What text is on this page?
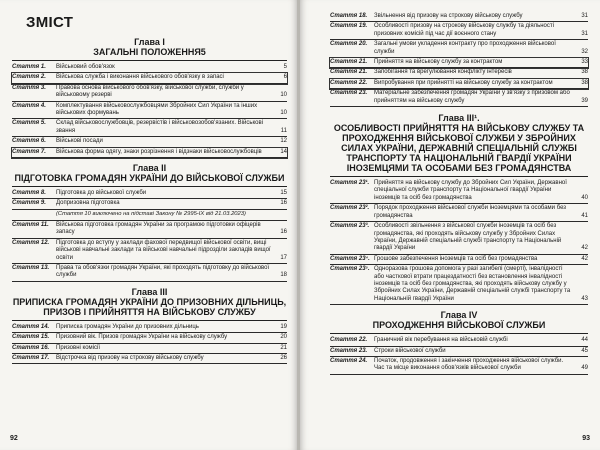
ЗМІСТ
Глава I
ЗАГАЛЬНІ ПОЛОЖЕННЯ5
Стаття 1.	Військовий обов'язок	5
Стаття 2.	Військова служба і виконання військового обов'язку в запасі	6
Стаття 3.	Правова основа військового обов'язку, військової служби, служби у військовому резерві	10
Стаття 4.	Комплектування військовослужбовцями Збройних Сил України та інших військових формувань	10
Стаття 5.	Склад військовослужбовців, резервістів і військовозобов'язаних. Військові звання	11
Стаття 6.	Військові посади	12
Стаття 7.	Військова форма одягу, знаки розрізнення і відзнаки військовослужбовців	14
Глава II
ПІДГОТОВКА ГРОМАДЯН УКРАЇНИ ДО ВІЙСЬКОВОЇ СЛУЖБИ
Стаття 8.	Підготовка до військової служби	15
Стаття 9.	Допризовна підготовка	16
(Стаття 10 виключено на підставі Закону № 2995-IX від 21.03.2023)
Стаття 11.	Військова підготовка громадян України за програмою підготовки офіцерів запасу	16
Стаття 12.	Підготовка до вступу у заклади фахової передвищої військової освіти, вищі військові навчальні заклади та військові навчальні підрозділи закладів вищої освіти	17
Стаття 13.	Права та обов'язки громадян України, які проходять підготовку до військової служби	18
Глава III
ПРИПИСКА ГРОМАДЯН УКРАЇНИ ДО ПРИЗОВНИХ ДІЛЬНИЦЬ, ПРИЗОВ І ПРИЙНЯТТЯ НА ВІЙСЬКОВУ СЛУЖБУ
Стаття 14.	Приписка громадян України до призовних дільниць	19
Стаття 15.	Призовний вік. Призов громадян України на військову службу	20
Стаття 16.	Призовні комісії	21
Стаття 17.	Відстрочка від призову на строкову військову службу	26
92
Стаття 18.	Звільнення від призову на строкову військову службу	31
Стаття 19.	Особливості призову на строкову військову службу та діяльності призовних комісій під час дії воєнного стану	31
Стаття 20.	Загальні умови укладення контракту про проходження військової служби	32
Стаття 21.	Прийняття на військову службу за контрактом	33
Стаття 21.	Запобігання та врегулювання конфлікту інтересів	38
Стаття 22.	Випробування при прийнятті на військову службу за контрактом	38
Стаття 23.	Матеріальне забезпечення громадян України у зв'язку з призовом або прийняттям на військову службу	39
Глава III¹.
ОСОБЛИВОСТІ ПРИЙНЯТТЯ НА ВІЙСЬКОВУ СЛУЖБУ ТА ПРОХОДЖЕННЯ ВІЙСЬКОВОЇ СЛУЖБИ У ЗБРОЙНИХ СИЛАХ УКРАЇНИ, ДЕРЖАВНІЙ СПЕЦІАЛЬНІЙ СЛУЖБІ ТРАНСПОРТУ ТА НАЦІОНАЛЬНІЙ ГВАРДІЇ УКРАЇНИ ІНОЗЕМЦЯМИ ТА ОСОБАМИ БЕЗ ГРОМАДЯНСТВА
Стаття 23¹. Прийняття на військову службу до Збройних Сил України, Державної спеціальної служби транспорту та Національної гвардії України іноземців та осіб без громадянства	40
Стаття 23². Порядок проходження військової служби іноземцями та особами без громадянства	41
Стаття 23³. Особливості звільнення з військової служби іноземців та осіб без громадянства, які проходять військову службу у Збройних Силах України, Державній спеціальній службі транспорту та Національній гвардії України	42
Стаття 23⁴. Грошове забезпечення іноземців та осіб без громадянства	42
Стаття 23⁵. Одноразова грошова допомога у разі загибелі (смерті), інвалідності або часткової втрати працездатності без встановлення інвалідності іноземців та осіб без громадянства, які проходять військову службу у Збройних Силах України, Державній спеціальній службі транспорту та Національній гвардії України	43
Глава IV
ПРОХОДЖЕННЯ ВІЙСЬКОВОЇ СЛУЖБИ
Стаття 22.	Граничний вік перебування на військовій службі	44
Стаття 23.	Строки військової служби	45
Стаття 24.	Початок, продовження і закінчення проходження військової служби. Час та місце виконання обов'язків військової служби	49
93
